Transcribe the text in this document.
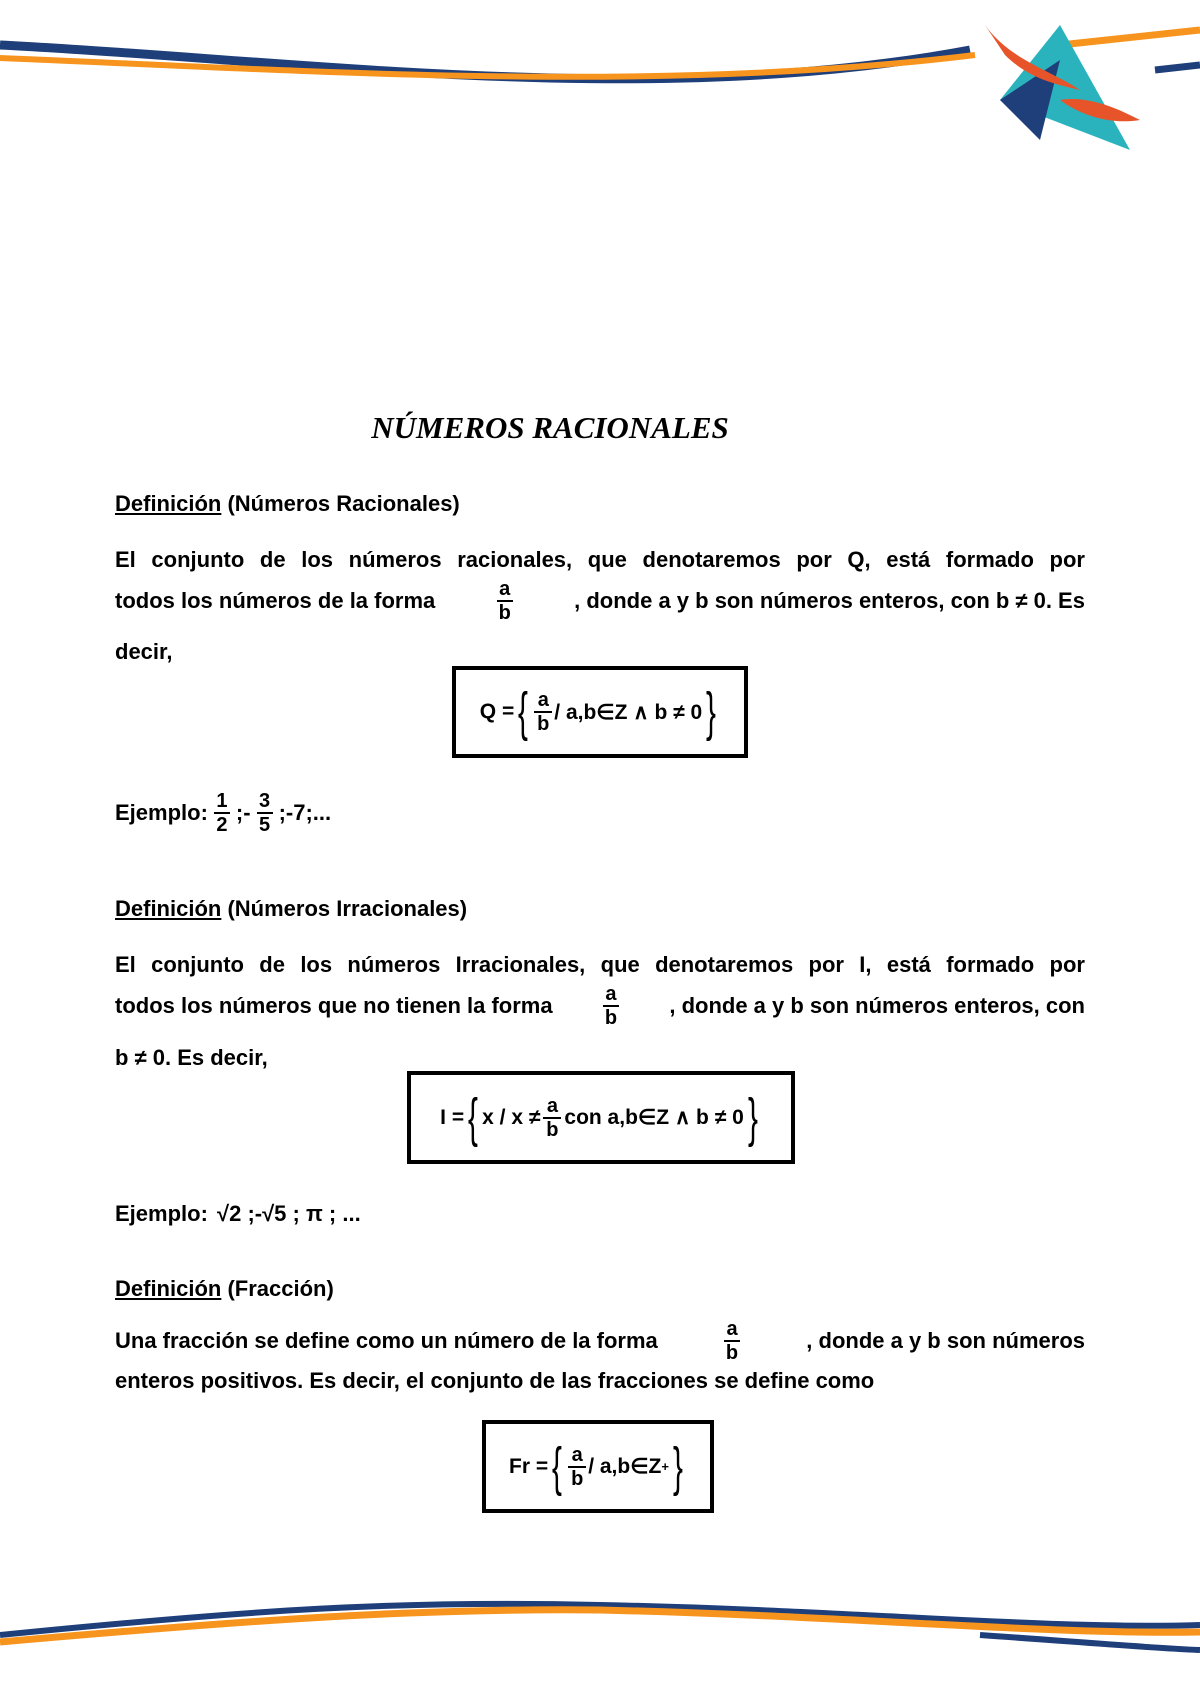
NÚMEROS RACIONALES
Definición (Números Racionales)
El conjunto de los números racionales, que denotaremos por Q, está formado por
todos los números de la forma	$\frac{a}{b}$	, donde a y b son números enteros, con b ≠ 0. Es
decir,
Q = { $\frac{a}{b}$ / a,b∈Z ∧ b ≠ 0 }
Ejemplo: $\frac{1}{2}$ ;- $\frac{3}{5}$ ;-7;...
Definición (Números Irracionales)
El conjunto de los números Irracionales, que denotaremos por I, está formado por
todos los números que no tienen la forma	$\frac{a}{b}$ , donde a y b son números enteros, con
b ≠ 0. Es decir,
I = { $x / x \ne \frac{a}{b}$ con a,b∈Z ∧ b ≠ 0 }
Ejemplo: √2 ;-√5 ; π ; ...
Definición (Fracción)
Una fracción se define como un número de la forma	$\frac{a}{b}$	, donde a y b son números
enteros positivos. Es decir, el conjunto de las fracciones se define como
Fr = { $\frac{a}{b}$ / a,b∈Z + }
